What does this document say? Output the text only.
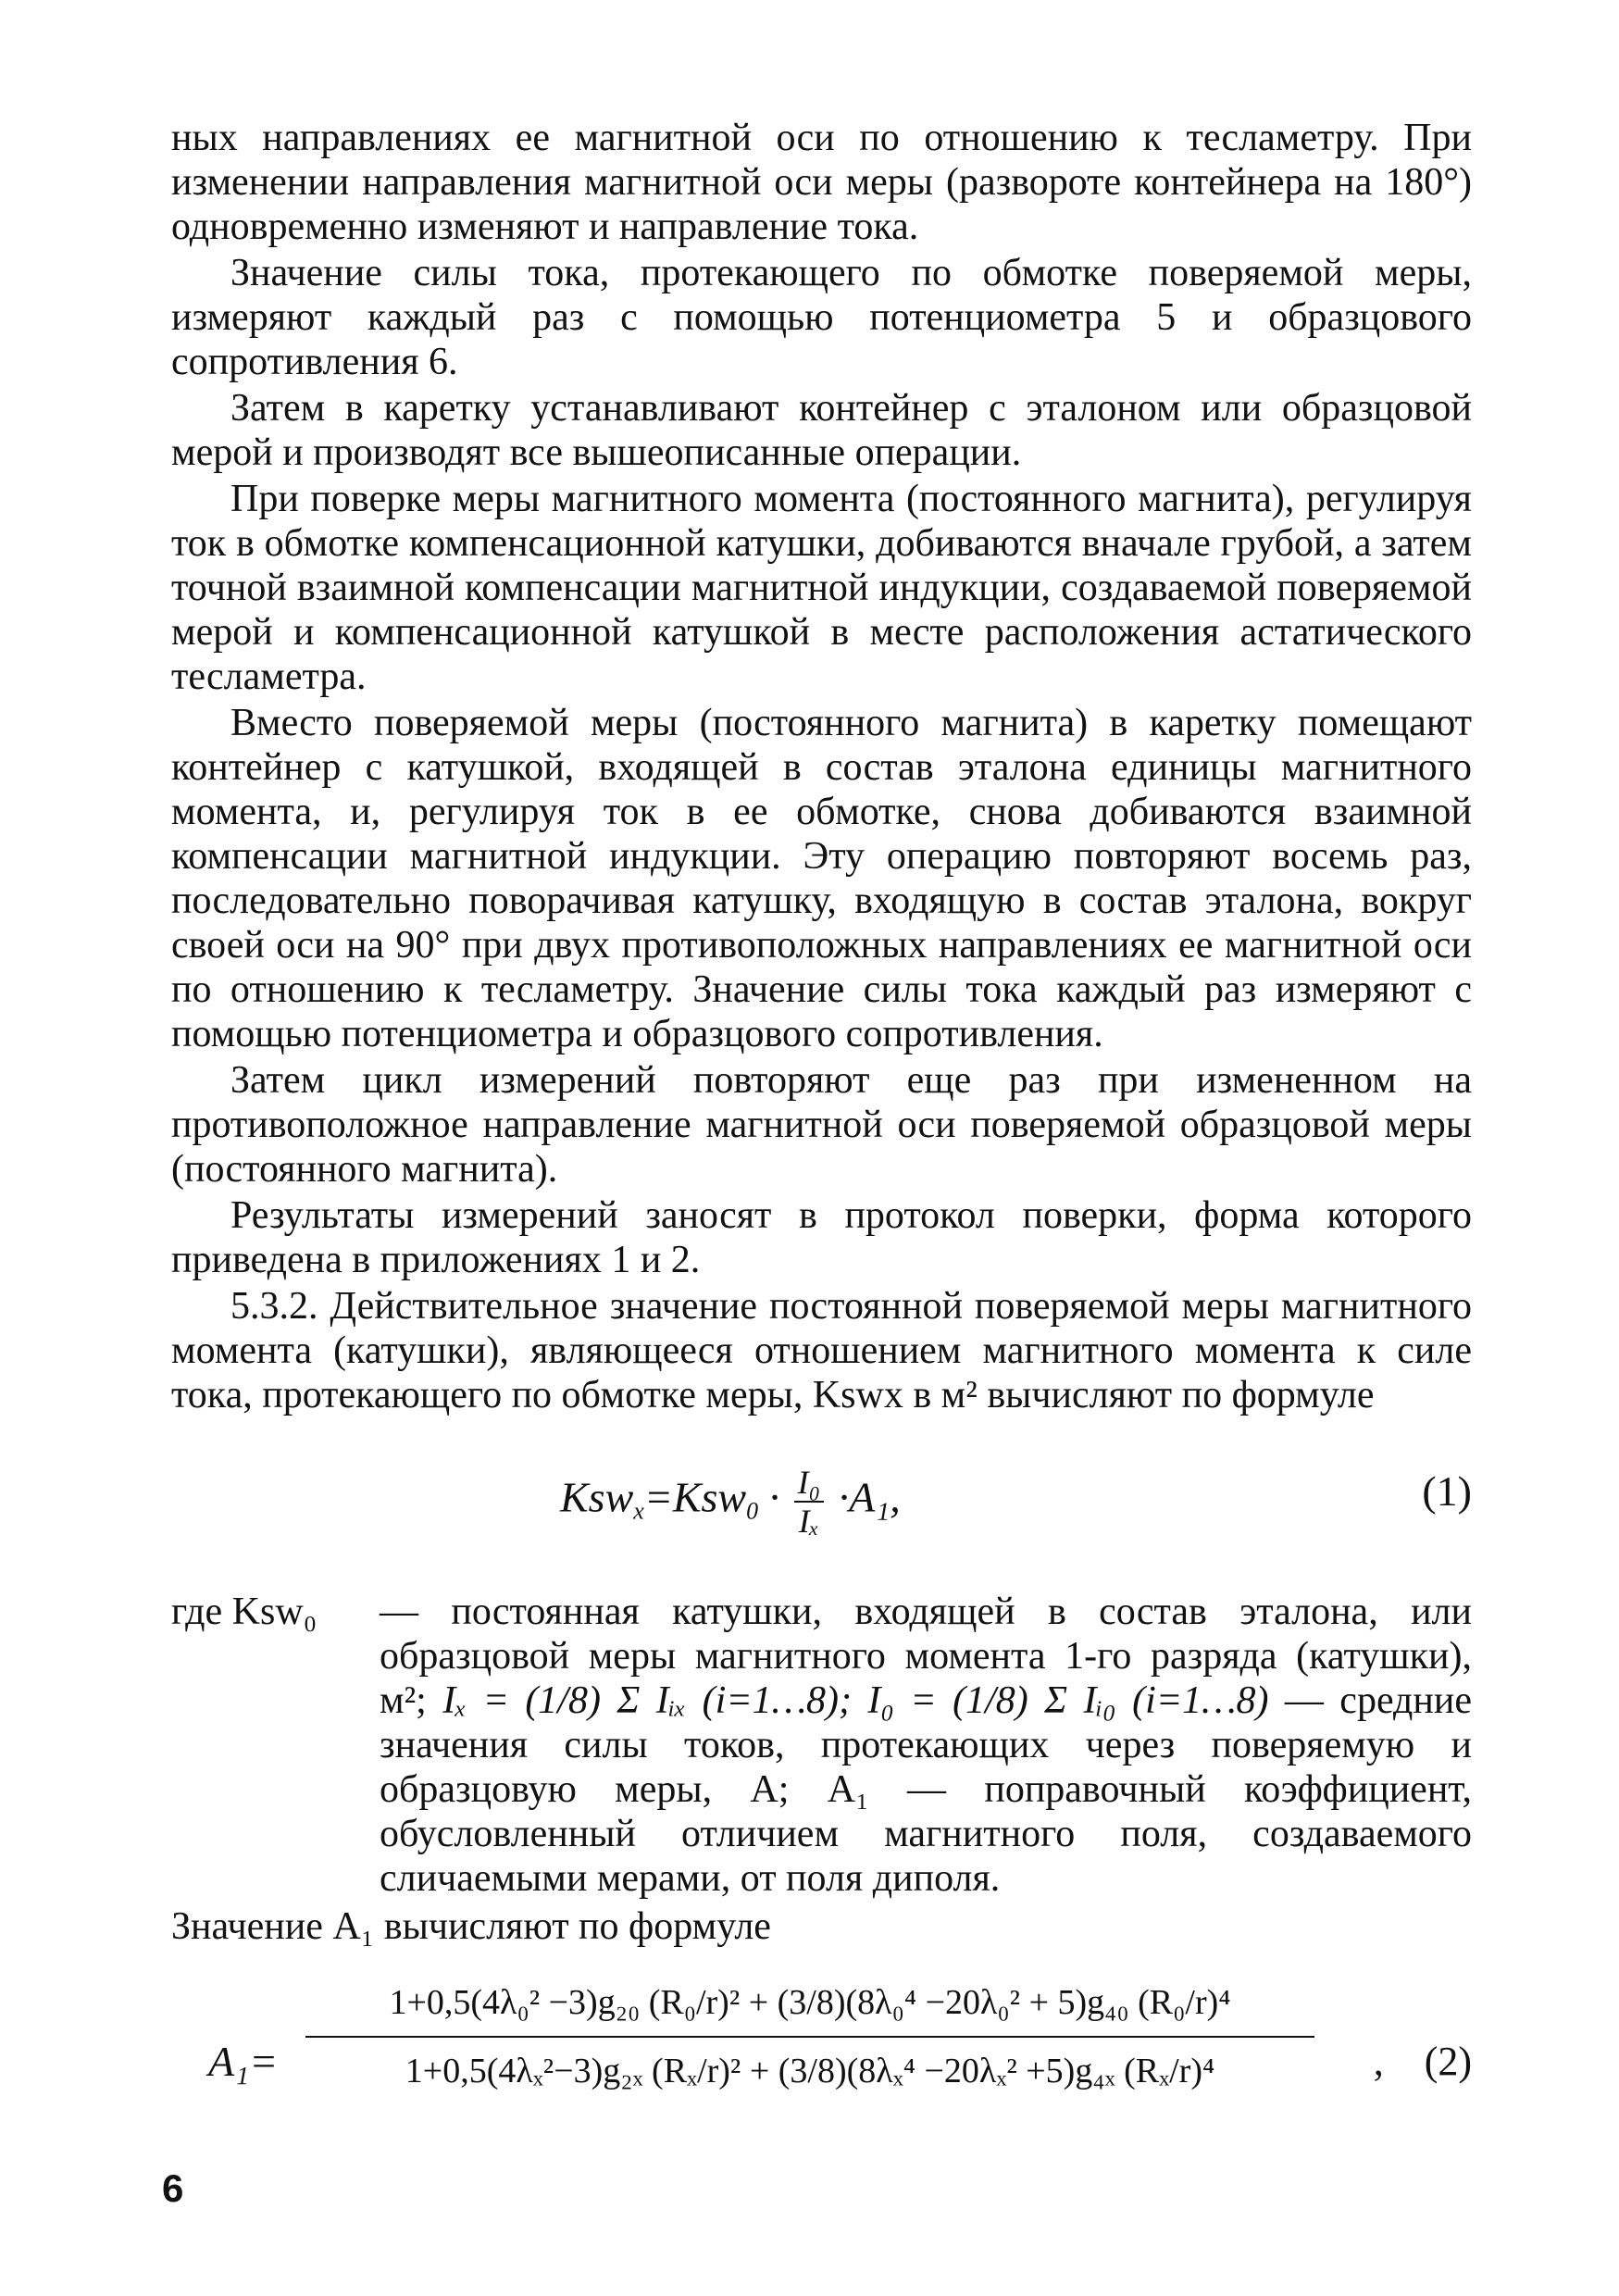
ных направлениях ее магнитной оси по отношению к тесламетру. При изменении направления магнитной оси меры (развороте контейнера на 180°) одновременно изменяют и направление тока.

Значение силы тока, протекающего по обмотке поверяемой меры, измеряют каждый раз с помощью потенциометра 5 и образцового сопротивления 6.

Затем в каретку устанавливают контейнер с эталоном или образцовой мерой и производят все вышеописанные операции.

При поверке меры магнитного момента (постоянного магнита), регулируя ток в обмотке компенсационной катушки, добиваются вначале грубой, а затем точной взаимной компенсации магнитной индукции, создаваемой поверяемой мерой и компенсационной катушкой в месте расположения астатического тесламетра.

Вместо поверяемой меры (постоянного магнита) в каретку помещают контейнер с катушкой, входящей в состав эталона единицы магнитного момента, и, регулируя ток в ее обмотке, снова добиваются взаимной компенсации магнитной индукции. Эту операцию повторяют восемь раз, последовательно поворачивая катушку, входящую в состав эталона, вокруг своей оси на 90° при двух противоположных направлениях ее магнитной оси по отношению к тесламетру. Значение силы тока каждый раз измеряют с помощью потенциометра и образцового сопротивления.

Затем цикл измерений повторяют еще раз при измененном на противоположное направление магнитной оси поверяемой образцовой меры (постоянного магнита).

Результаты измерений заносят в протокол поверки, форма которого приведена в приложениях 1 и 2.

5.3.2. Действительное значение постоянной поверяемой меры магнитного момента (катушки), являющееся отношением магнитного момента к силе тока, протекающего по обмотке меры, Kswx в м² вычисляют по формуле

$Ksw_x=Ksw_0 \cdot \frac{\text{I₀}}{\text{Iₓ}} \cdot A_1$,	(1)
где Ksw₀ — постоянная катушки, входящей в состав эталона, или образцовой меры магнитного момента 1-го разряда (катушки), м²; Iₓ = (1/8) Σ Iᵢₓ (i=1…8); I₀ = (1/8) Σ Iᵢ₀ (i=1…8) — средние значения силы токов, протекающих через поверяемую и образцовую меры, А; A₁ — поправочный коэффициент, обусловленный отличием магнитного поля, создаваемого сличаемыми мерами, от поля диполя.

Значение A₁ вычисляют по формуле

A₁=
1+0,5(4λ₀² −3)g₂₀ (R₀/r)² + (3/8)(8λ₀⁴ −20λ₀² + 5)g₄₀ (R₀/r)⁴
1+0,5(4λₓ²−3)g₂ₓ (Rₓ/r)² + (3/8)(8λₓ⁴ −20λₓ² +5)g₄ₓ (Rₓ/r)⁴	, (2)
6
